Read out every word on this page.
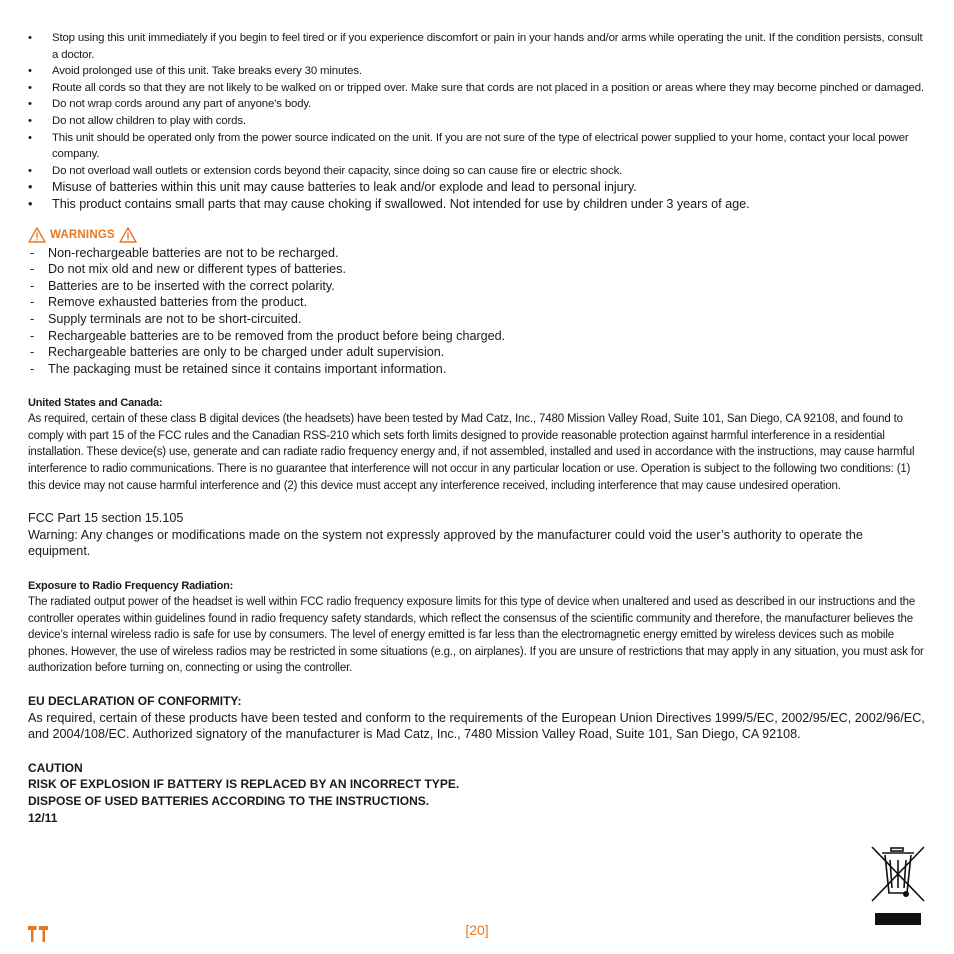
• Stop using this unit immediately if you begin to feel tired or if you experience discomfort or pain in your hands and/or arms while operating the unit. If the condition persists, consult a doctor.
• Avoid prolonged use of this unit. Take breaks every 30 minutes.
• Route all cords so that they are not likely to be walked on or tripped over. Make sure that cords are not placed in a position or areas where they may become pinched or damaged.
• Do not wrap cords around any part of anyone’s body.
• Do not allow children to play with cords.
• This unit should be operated only from the power source indicated on the unit. If you are not sure of the type of electrical power supplied to your home, contact your local power company.
• Do not overload wall outlets or extension cords beyond their capacity, since doing so can cause fire or electric shock.
• Misuse of batteries within this unit may cause batteries to leak and/or explode and lead to personal injury.
• This product contains small parts that may cause choking if swallowed. Not intended for use by children under 3 years of age.
WARNINGS
- Non-rechargeable batteries are not to be recharged.
- Do not mix old and new or different types of batteries.
- Batteries are to be inserted with the correct polarity.
- Remove exhausted batteries from the product.
- Supply terminals are not to be short-circuited.
- Rechargeable batteries are to be removed from the product before being charged.
- Rechargeable batteries are only to be charged under adult supervision.
- The packaging must be retained since it contains important information.
United States and Canada:
As required, certain of these class B digital devices (the headsets) have been tested by Mad Catz, Inc., 7480 Mission Valley Road, Suite 101, San Diego, CA 92108, and found to comply with part 15 of the FCC rules and the Canadian RSS-210 which sets forth limits designed to provide reasonable protection against harmful interference in a residential installation. These device(s) use, generate and can radiate radio frequency energy and, if not assembled, installed and used in accordance with the instructions, may cause harmful interference to radio communications. There is no guarantee that interference will not occur in any particular location or use. Operation is subject to the following two conditions: (1) this device may not cause harmful interference and (2) this device must accept any interference received, including interference that may cause undesired operation.
FCC Part 15 section 15.105
Warning: Any changes or modifications made on the system not expressly approved by the manufacturer could void the user’s authority to operate the equipment.
Exposure to Radio Frequency Radiation:
The radiated output power of the headset is well within FCC radio frequency exposure limits for this type of device when unaltered and used as described in our instructions and the controller operates within guidelines found in radio frequency safety standards, which reflect the consensus of the scientific community and therefore, the manufacturer believes the device’s internal wireless radio is safe for use by consumers. The level of energy emitted is far less than the electromagnetic energy emitted by wireless devices such as mobile phones. However, the use of wireless radios may be restricted in some situations (e.g., on airplanes). If you are unsure of restrictions that may apply in any situation, you must ask for authorization before turning on, connecting or using the controller.
EU DECLARATION OF CONFORMITY:
As required, certain of these products have been tested and conform to the requirements of the European Union Directives 1999/5/EC, 2002/95/EC, 2002/96/EC, and 2004/108/EC. Authorized signatory of the manufacturer is Mad Catz, Inc., 7480 Mission Valley Road, Suite 101, San Diego, CA 92108.
CAUTION
RISK OF EXPLOSION IF BATTERY IS REPLACED BY AN INCORRECT TYPE.
DISPOSE OF USED BATTERIES ACCORDING TO THE INSTRUCTIONS.
12/11
[20]
